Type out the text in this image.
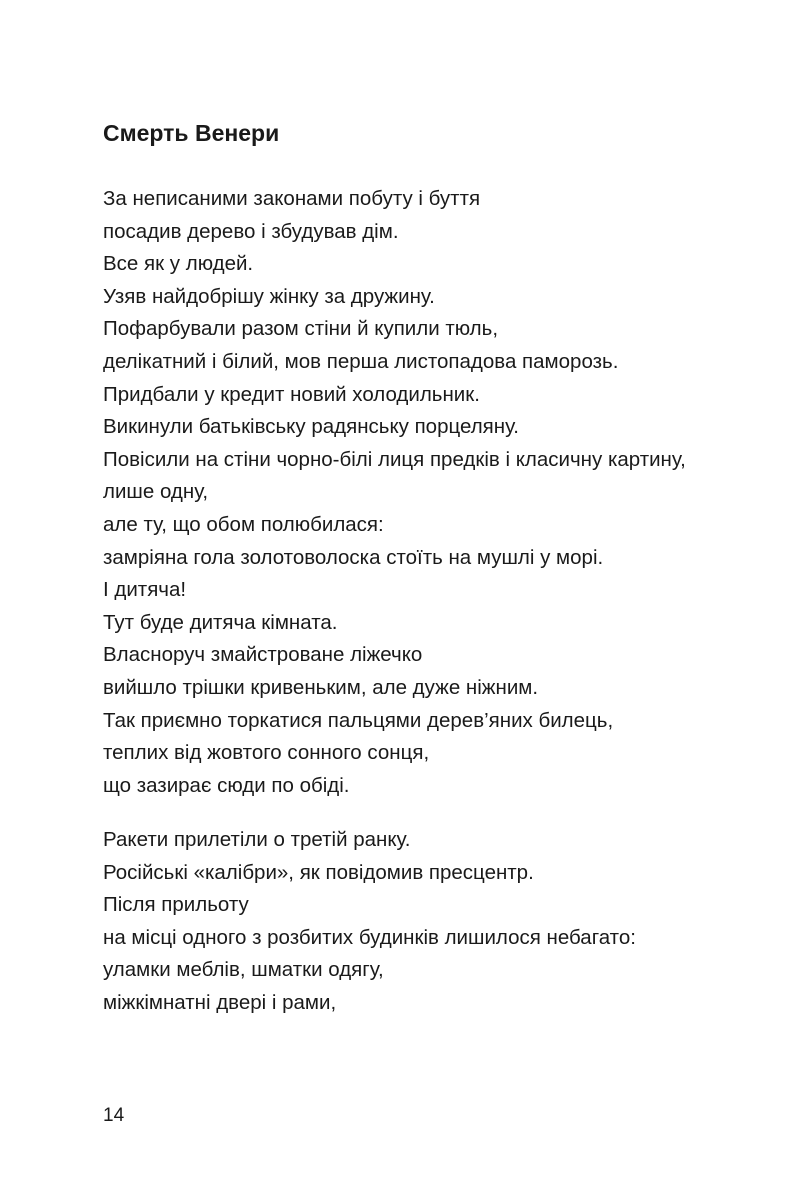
Смерть Венери
За неписаними законами побуту і буття
посадив дерево і збудував дім.
Все як у людей.
Узяв найдобрішу жінку за дружину.
Пофарбували разом стіни й купили тюль,
делікатний і білий, мов перша листопадова паморозь.
Придбали у кредит новий холодильник.
Викинули батьківську радянську порцеляну.
Повісили на стіни чорно-білі лиця предків і класичну картину,
лише одну,
але ту, що обом полюбилася:
замріяна гола золотоволоска стоїть на мушлі у морі.
І дитяча!
Тут буде дитяча кімната.
Власноруч змайстроване ліжечко
вийшло трішки кривеньким, але дуже ніжним.
Так приємно торкатися пальцями дерев’яних билець,
теплих від жовтого сонного сонця,
що зазирає сюди по обіді.
Ракети прилетіли о третій ранку.
Російські «калібри», як повідомив пресцентр.
Після прильоту
на місці одного з розбитих будинків лишилося небагато:
уламки меблів, шматки одягу,
міжкімнатні двері і рами,
14
